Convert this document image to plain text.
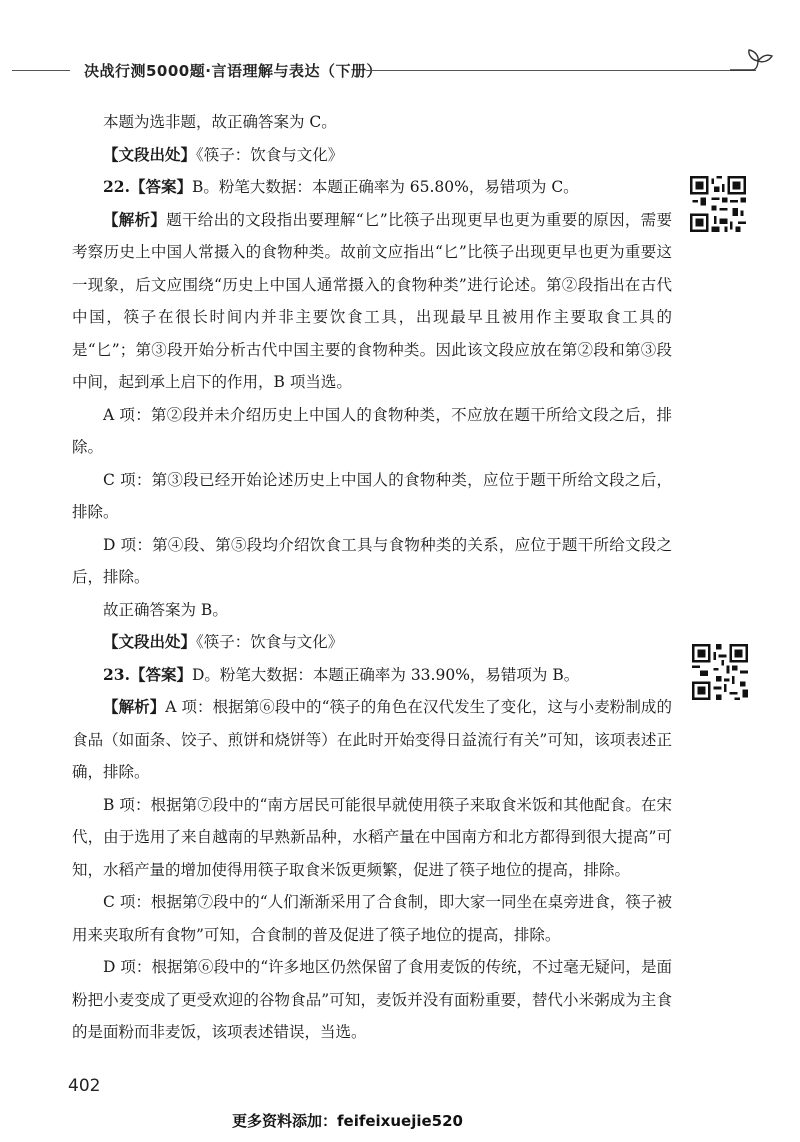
决战行测5000题·言语理解与表达（下册）

本题为选非题，故正确答案为 C。

【文段出处】《筷子：饮食与文化》

22.【答案】B。粉笔大数据：本题正确率为 65.80%，易错项为 C。

【解析】题干给出的文段指出要理解“匕”比筷子出现更早也更为重要的原因，需要考察历史上中国人常摄入的食物种类。故前文应指出“匕”比筷子出现更早也更为重要这一现象，后文应围绕“历史上中国人通常摄入的食物种类”进行论述。第②段指出在古代中国，筷子在很长时间内并非主要饮食工具，出现最早且被用作主要取食工具的是“匕”；第③段开始分析古代中国主要的食物种类。因此该文段应放在第②段和第③段中间，起到承上启下的作用，B 项当选。

A 项：第②段并未介绍历史上中国人的食物种类，不应放在题干所给文段之后，排除。

C 项：第③段已经开始论述历史上中国人的食物种类，应位于题干所给文段之后，排除。

D 项：第④段、第⑤段均介绍饮食工具与食物种类的关系，应位于题干所给文段之后，排除。

故正确答案为 B。

【文段出处】《筷子：饮食与文化》

23.【答案】D。粉笔大数据：本题正确率为 33.90%，易错项为 B。

【解析】A 项：根据第⑥段中的“筷子的角色在汉代发生了变化，这与小麦粉制成的食品（如面条、饺子、煎饼和烧饼等）在此时开始变得日益流行有关”可知，该项表述正确，排除。

B 项：根据第⑦段中的“南方居民可能很早就使用筷子来取食米饭和其他配食。在宋代，由于选用了来自越南的早熟新品种，水稻产量在中国南方和北方都得到很大提高”可知，水稻产量的增加使得用筷子取食米饭更频繁，促进了筷子地位的提高，排除。

C 项：根据第⑦段中的“人们渐渐采用了合食制，即大家一同坐在桌旁进食，筷子被用来夹取所有食物”可知，合食制的普及促进了筷子地位的提高，排除。

D 项：根据第⑥段中的“许多地区仍然保留了食用麦饭的传统，不过毫无疑问，是面粉把小麦变成了更受欢迎的谷物食品”可知，麦饭并没有面粉重要，替代小米粥成为主食的是面粉而非麦饭，该项表述错误，当选。

402
更多资料添加：feifeixuejie520
